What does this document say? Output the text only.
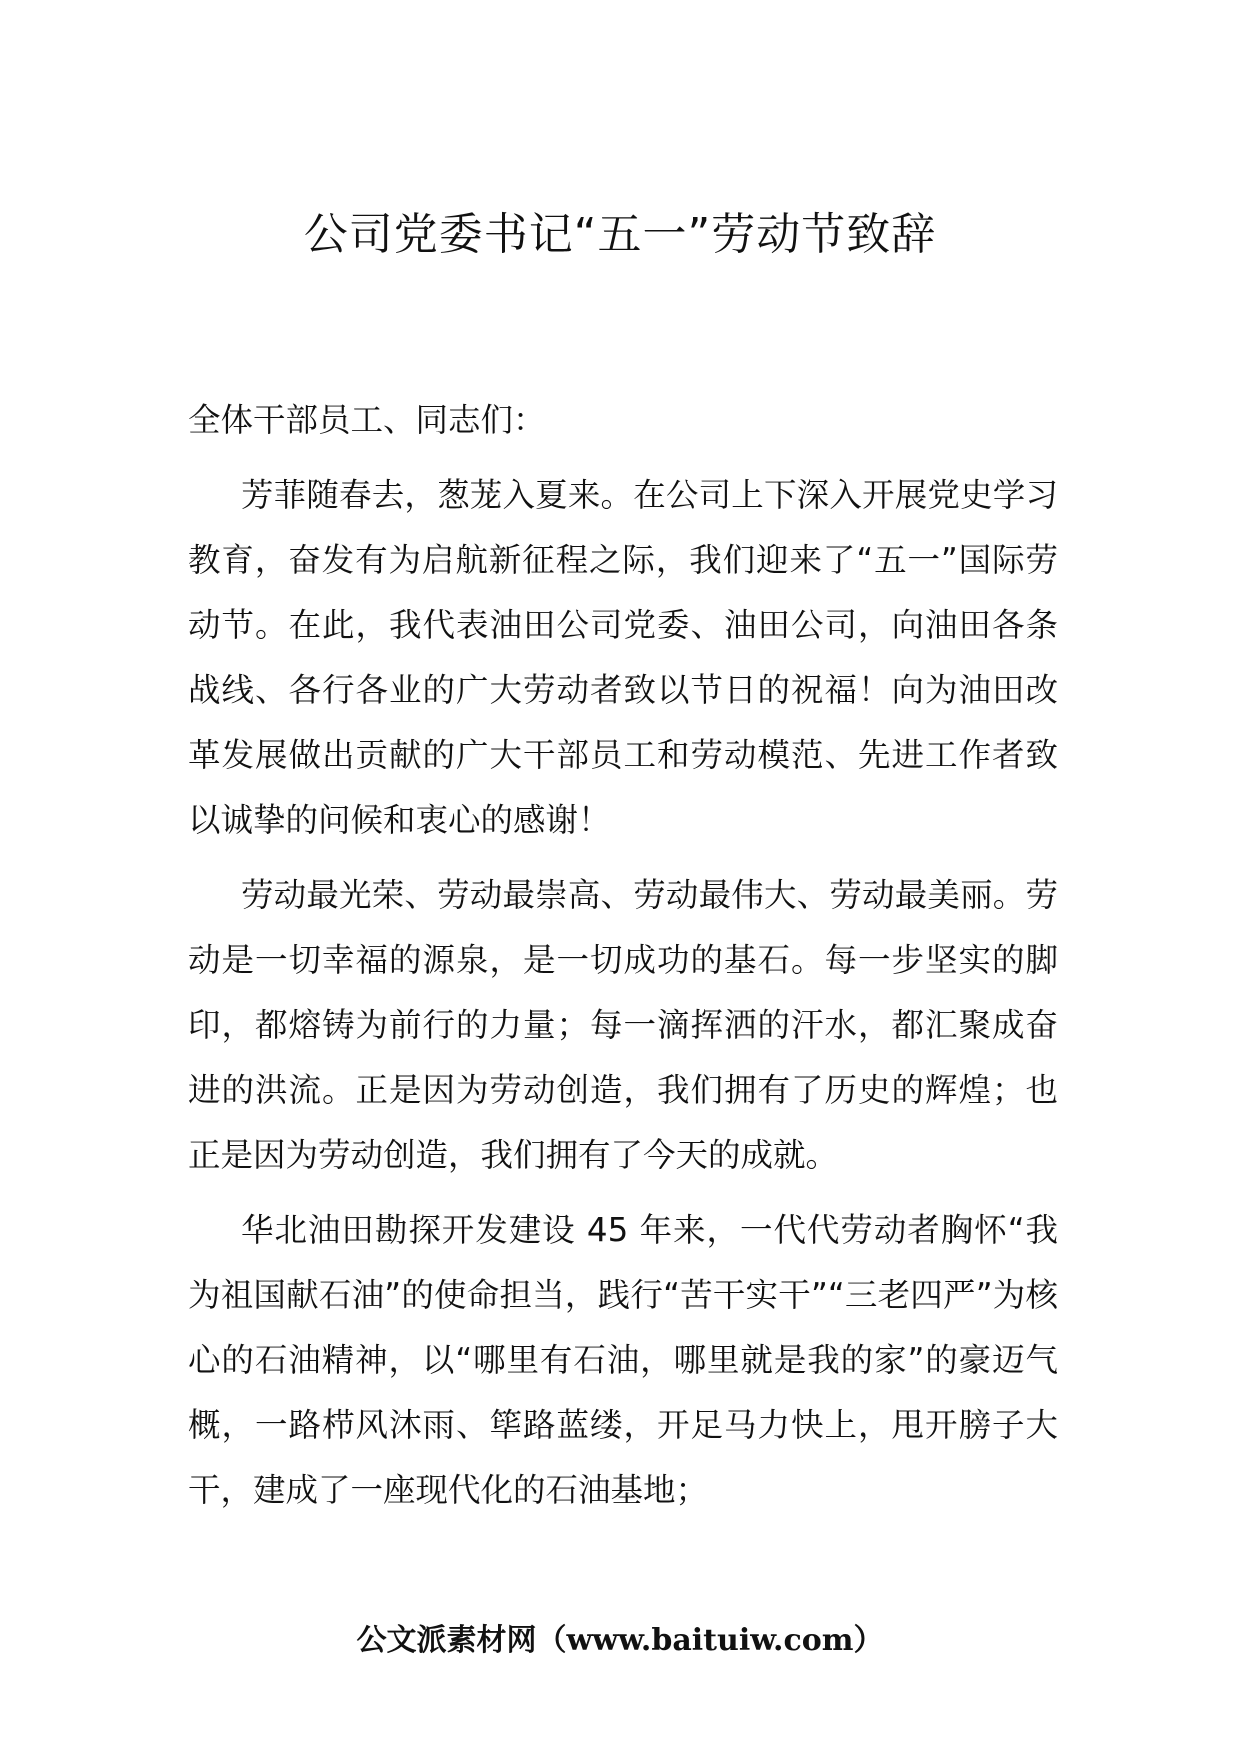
公司党委书记“五一”劳动节致辞

全体干部员工、同志们：

芳菲随春去，葱茏入夏来。在公司上下深入开展党史学习教育，奋发有为启航新征程之际，我们迎来了“五一”国际劳动节。在此，我代表油田公司党委、油田公司，向油田各条战线、各行各业的广大劳动者致以节日的祝福！向为油田改革发展做出贡献的广大干部员工和劳动模范、先进工作者致以诚挚的问候和衷心的感谢！

劳动最光荣、劳动最崇高、劳动最伟大、劳动最美丽。劳动是一切幸福的源泉，是一切成功的基石。每一步坚实的脚印，都熔铸为前行的力量；每一滴挥洒的汗水，都汇聚成奋进的洪流。正是因为劳动创造，我们拥有了历史的辉煌；也正是因为劳动创造，我们拥有了今天的成就。

华北油田勘探开发建设 45 年来，一代代劳动者胸怀“我为祖国献石油”的使命担当，践行“苦干实干”“三老四严”为核心的石油精神，以“哪里有石油，哪里就是我的家”的豪迈气概，一路栉风沐雨、筚路蓝缕，开足马力快上，甩开膀子大干，建成了一座现代化的石油基地；

公文派素材网（www.baituiw.com）
